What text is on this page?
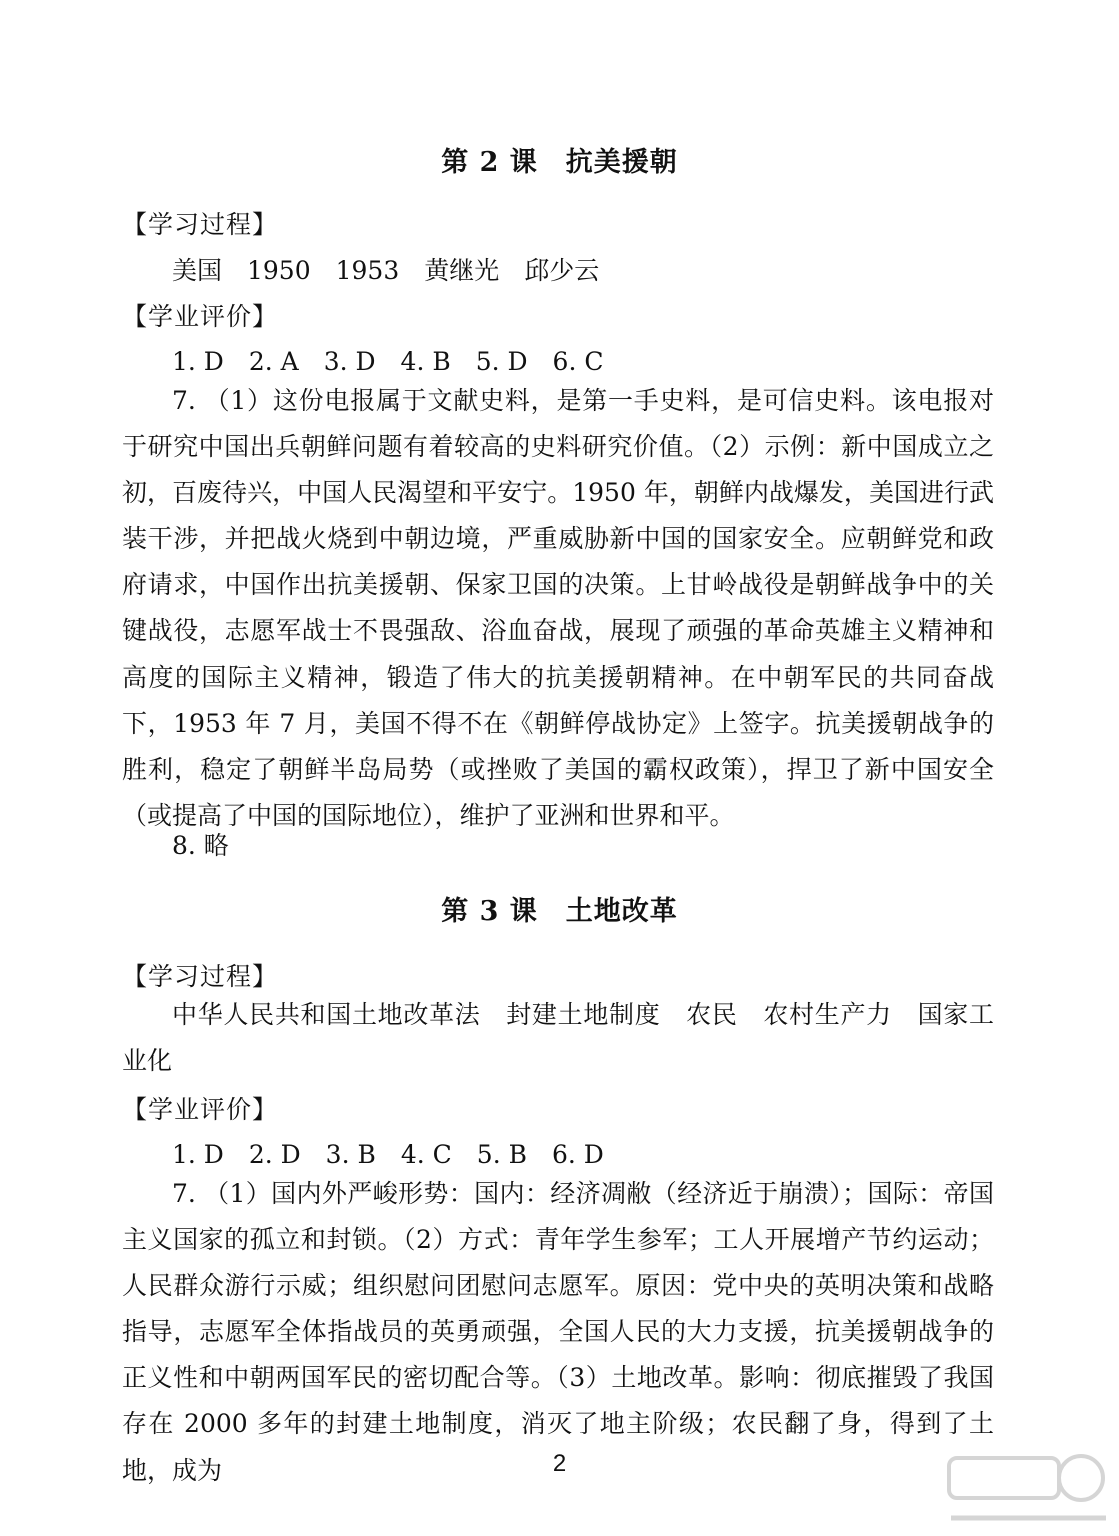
第 2 课　抗美援朝
【学习过程】
美国　1950　1953　黄继光　邱少云
【学业评价】
1. D　2. A　3. D　4. B　5. D　6. C
7. （1）这份电报属于文献史料，是第一手史料，是可信史料。该电报对于研究中国出兵朝鲜问题有着较高的史料研究价值。（2）示例：新中国成立之初，百废待兴，中国人民渴望和平安宁。1950 年，朝鲜内战爆发，美国进行武装干涉，并把战火烧到中朝边境，严重威胁新中国的国家安全。应朝鲜党和政府请求，中国作出抗美援朝、保家卫国的决策。上甘岭战役是朝鲜战争中的关键战役，志愿军战士不畏强敌、浴血奋战，展现了顽强的革命英雄主义精神和高度的国际主义精神，锻造了伟大的抗美援朝精神。在中朝军民的共同奋战下，1953 年 7 月，美国不得不在《朝鲜停战协定》上签字。抗美援朝战争的胜利，稳定了朝鲜半岛局势（或挫败了美国的霸权政策），捍卫了新中国安全（或提高了中国的国际地位），维护了亚洲和世界和平。
8. 略
第 3 课　土地改革
【学习过程】
中华人民共和国土地改革法　封建土地制度　农民　农村生产力　国家工业化
【学业评价】
1. D　2. D　3. B　4. C　5. B　6. D
7. （1）国内外严峻形势：国内：经济凋敝（经济近于崩溃）；国际：帝国主义国家的孤立和封锁。（2）方式：青年学生参军；工人开展增产节约运动；人民群众游行示威；组织慰问团慰问志愿军。原因：党中央的英明决策和战略指导，志愿军全体指战员的英勇顽强，全国人民的大力支援，抗美援朝战争的正义性和中朝两国军民的密切配合等。（3）土地改革。影响：彻底摧毁了我国存在 2000 多年的封建土地制度，消灭了地主阶级；农民翻了身，得到了土地，成为	2
